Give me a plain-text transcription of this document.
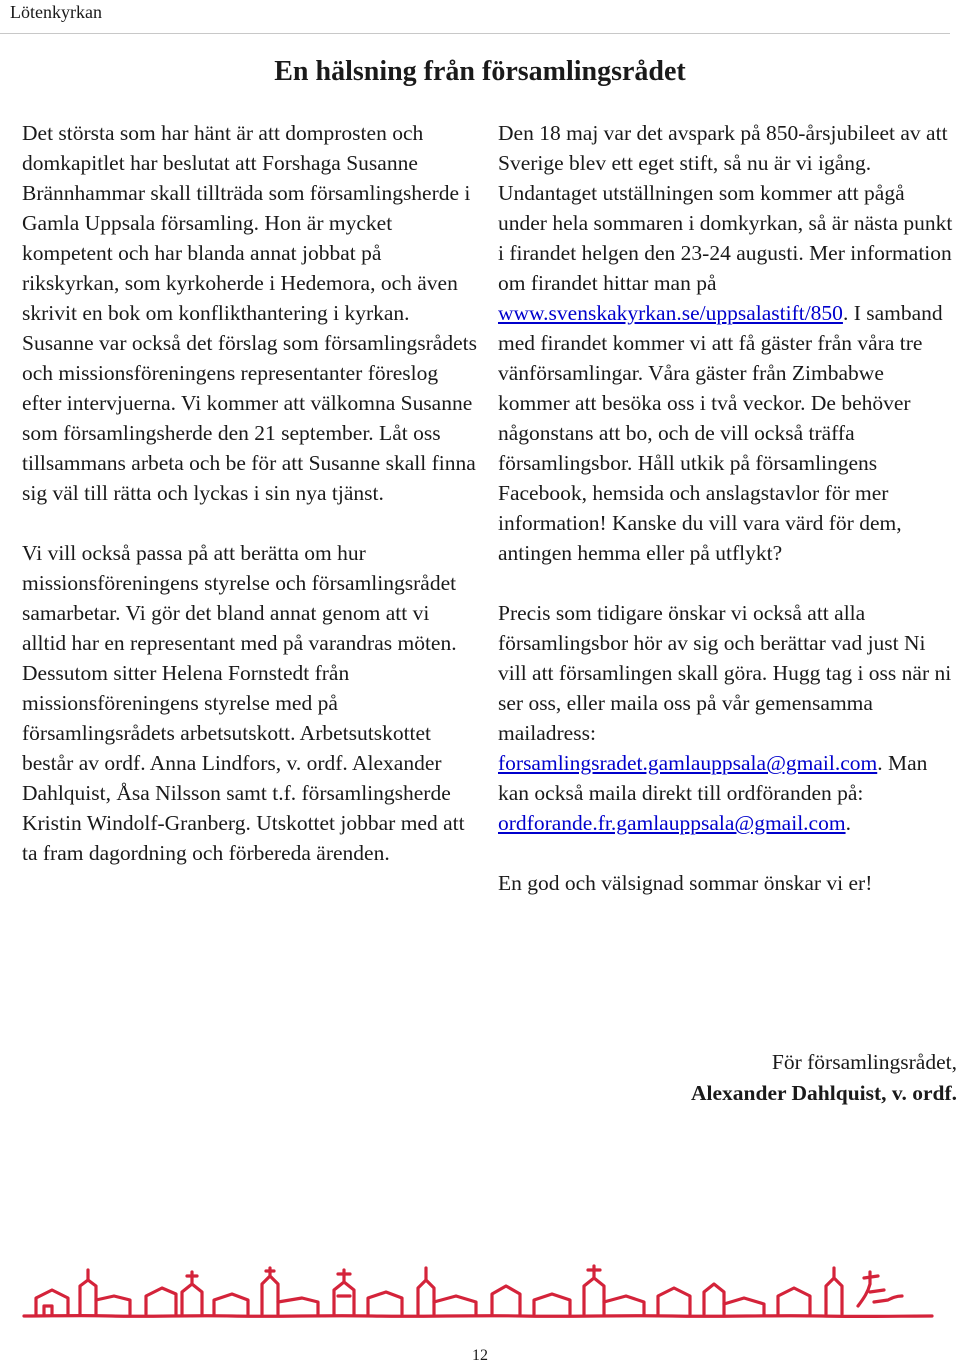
Lötenkyrkan
En hälsning från församlingsrådet

Det största som har hänt är att domprosten och domkapitlet har beslutat att Forshaga Susanne Brännhammar skall tillträda som församlingsherde i Gamla Uppsala församling. Hon är mycket kompetent och har blanda annat jobbat på rikskyrkan, som kyrkoherde i Hedemora, och även skrivit en bok om konflikthantering i kyrkan. Susanne var också det förslag som församlingsrådets och missionsföreningens representanter föreslog efter intervjuerna. Vi kommer att välkomna Susanne som församlingsherde den 21 september. Låt oss tillsammans arbeta och be för att Susanne skall finna sig väl till rätta och lyckas i sin nya tjänst.

Vi vill också passa på att berätta om hur missionsföreningens styrelse och församlingsrådet samarbetar. Vi gör det bland annat genom att vi alltid har en representant med på varandras möten. Dessutom sitter Helena Fornstedt från missionsföreningens styrelse med på församlingsrådets arbetsutskott. Arbetsutskottet består av ordf. Anna Lindfors, v. ordf. Alexander Dahlquist, Åsa Nilsson samt t.f. församlingsherde Kristin Windolf-Granberg. Utskottet jobbar med att ta fram dagordning och förbereda ärenden.

Den 18 maj var det avspark på 850-årsjubileet av att Sverige blev ett eget stift, så nu är vi igång. Undantaget utställningen som kommer att pågå under hela sommaren i domkyrkan, så är nästa punkt i firandet helgen den 23-24 augusti. Mer information om firandet hittar man på www.svenskakyrkan.se/uppsalastift/850. I samband med firandet kommer vi att få gäster från våra tre vänförsamlingar. Våra gäster från Zimbabwe kommer att besöka oss i två veckor. De behöver någonstans att bo, och de vill också träffa församlingsbor. Håll utkik på församlingens Facebook, hemsida och anslagstavlor för mer information! Kanske du vill vara värd för dem, antingen hemma eller på utflykt?

Precis som tidigare önskar vi också att alla församlingsbor hör av sig och berättar vad just Ni vill att församlingen skall göra. Hugg tag i oss när ni ser oss, eller maila oss på vår gemensamma mailadress: forsamlingsradet.gamlauppsala@gmail.com. Man kan också maila direkt till ordföranden på: ordforande.fr.gamlauppsala@gmail.com.

En god och välsignad sommar önskar vi er!

För församlingsrådet,
Alexander Dahlquist, v. ordf.
12
